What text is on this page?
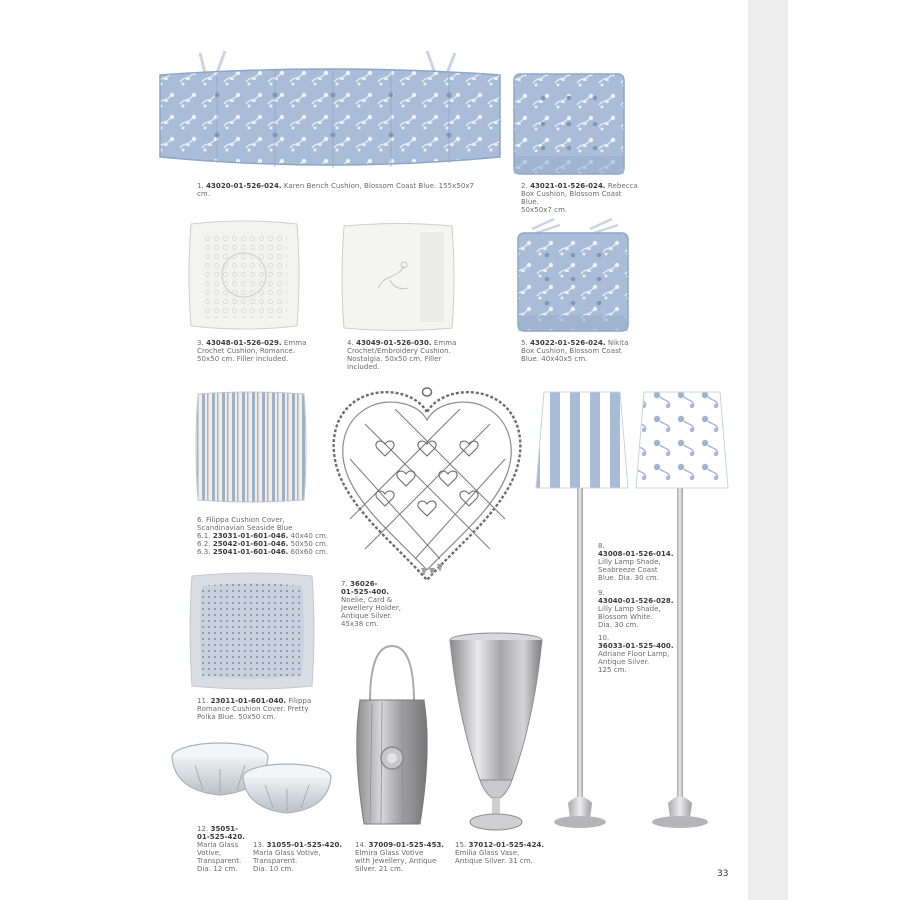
1. 43020-01-526-024. Karen Bench Cushion, Blossom Coast Blue. 155x50x7 cm.
2. 43021-01-526-024. Rebecca
Box Cushion, Blossom Coast Blue.
50x50x7 cm.
3. 43048-01-526-029. Emma
Crochet Cushion, Romance.
50x50 cm. Filler included.
4. 43049-01-526-030. Emma
Crochet/Embroidery Cushion.
Nostalgia. 50x50 cm. Filler
included.
5. 43022-01-526-024. Nikita
Box Cushion, Blossom Coast
Blue. 40x40x5 cm.
6. Filippa Cushion Cover,
Scandinavian Seaside Blue
6.1. 23031-01-601-046. 40x40 cm.
6.2. 25042-01-601-046. 50x50 cm.
6.3. 25041-01-601-046. 60x60 cm.
7. 36026-
01-525-400.
Noelie, Card &
Jewellery Holder,
Antique Silver.
45x38 cm.
8.
43008-01-526-014.
Lilly Lamp Shade,
Seabreeze Coast
Blue. Dia. 30 cm.
9.
43040-01-526-028.
Lilly Lamp Shade,
Blossom White.
Dia. 30 cm.
10.
36033-01-525-400.
Adriane Floor Lamp,
Antique Silver.
125 cm.
11. 23011-01-601-040. Filippa
Romance Cushion Cover. Pretty
Polka Blue. 50x50 cm.
12. 35051-
01-525-420.
Maria Glass
Votive,
Transparent.
Dia. 12 cm.
13. 31055-01-525-420.
Maria Glass Votive,
Transparent.
Dia. 10 cm.
14. 37009-01-525-453.
Elmira Glass Votive
with Jewellery, Antique
Silver. 21 cm.
15. 37012-01-525-424.
Emilia Glass Vase,
Antique Silver. 31 cm.
33
